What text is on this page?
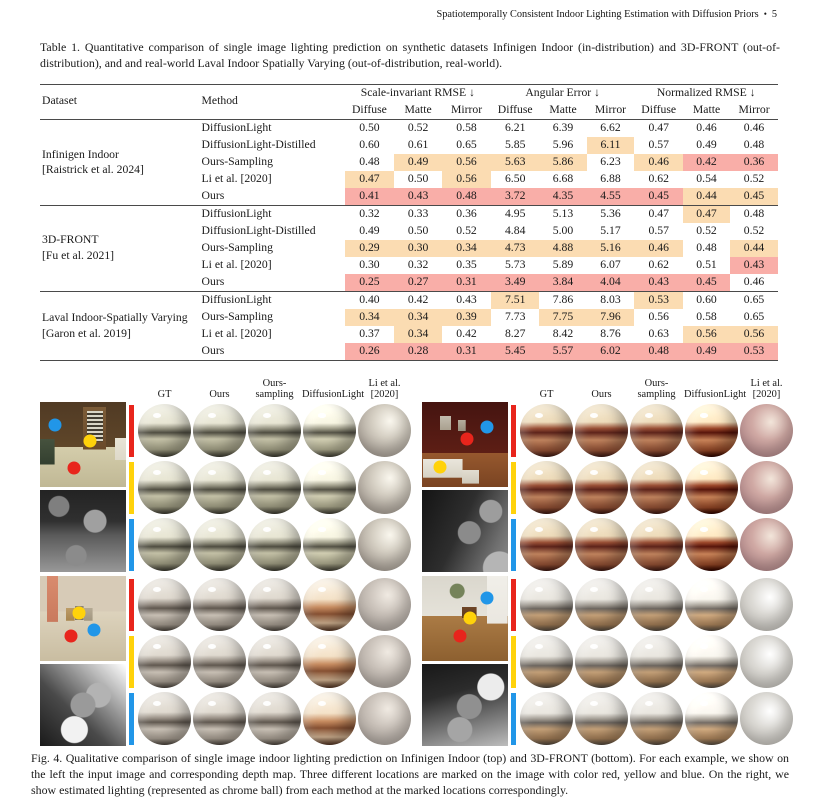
Spatiotemporally Consistent Indoor Lighting Estimation with Diffusion Priors • 5
Table 1. Quantitative comparison of single image lighting prediction on synthetic datasets Infinigen Indoor (in-distribution) and 3D-FRONT (out-of-distribution), and and real-world Laval Indoor Spatially Varying (out-of-distribution, real-world).
Dataset	Method	Scale-invariant RMSE ↓			Angular Error ↓			Normalized RMSE ↓		
		Diffuse	Matte	Mirror	Diffuse	Matte	Mirror	Diffuse	Matte	Mirror

Infinigen Indoor
[Raistrick et al. 2024]	DiffusionLight	0.50	0.52	0.58	6.21	6.39	6.62	0.47	0.46	0.46
	DiffusionLight-Distilled	0.60	0.61	0.65	5.85	5.96	6.11	0.57	0.49	0.48
	Ours-Sampling	0.48	0.49	0.56	5.63	5.86	6.23	0.46	0.42	0.36
	Li et al. [2020]	0.47	0.50	0.56	6.50	6.68	6.88	0.62	0.54	0.52
	Ours	0.41	0.43	0.48	3.72	4.35	4.55	0.45	0.44	0.45

3D-FRONT
[Fu et al. 2021]	DiffusionLight	0.32	0.33	0.36	4.95	5.13	5.36	0.47	0.47	0.48
	DiffusionLight-Distilled	0.49	0.50	0.52	4.84	5.00	5.17	0.57	0.52	0.52
	Ours-Sampling	0.29	0.30	0.34	4.73	4.88	5.16	0.46	0.48	0.44
	Li et al. [2020]	0.30	0.32	0.35	5.73	5.89	6.07	0.62	0.51	0.43
	Ours	0.25	0.27	0.31	3.49	3.84	4.04	0.43	0.45	0.46

Laval Indoor-Spatially Varying
[Garon et al. 2019]	DiffusionLight	0.40	0.42	0.43	7.51	7.86	8.03	0.53	0.60	0.65
	Ours-Sampling	0.34	0.34	0.39	7.73	7.75	7.96	0.56	0.58	0.65
	Li et al. [2020]	0.37	0.34	0.42	8.27	8.42	8.76	0.63	0.56	0.56
	Ours	0.26	0.28	0.31	5.45	5.57	6.02	0.48	0.49	0.53
GT	Ours
Ours-
sampling DiffusionLight
Li et al.
[2020]	GT	Ours
Ours-
sampling DiffusionLight
Li et al.
[2020]
Fig. 4. Qualitative comparison of single image indoor lighting prediction on Infinigen Indoor (top) and 3D-FRONT (bottom). For each example, we show on the left the input image and corresponding depth map. Three different locations are marked on the image with color red, yellow and blue. On the right, we show estimated lighting (represented as chrome ball) from each method at the marked locations correspondingly.
